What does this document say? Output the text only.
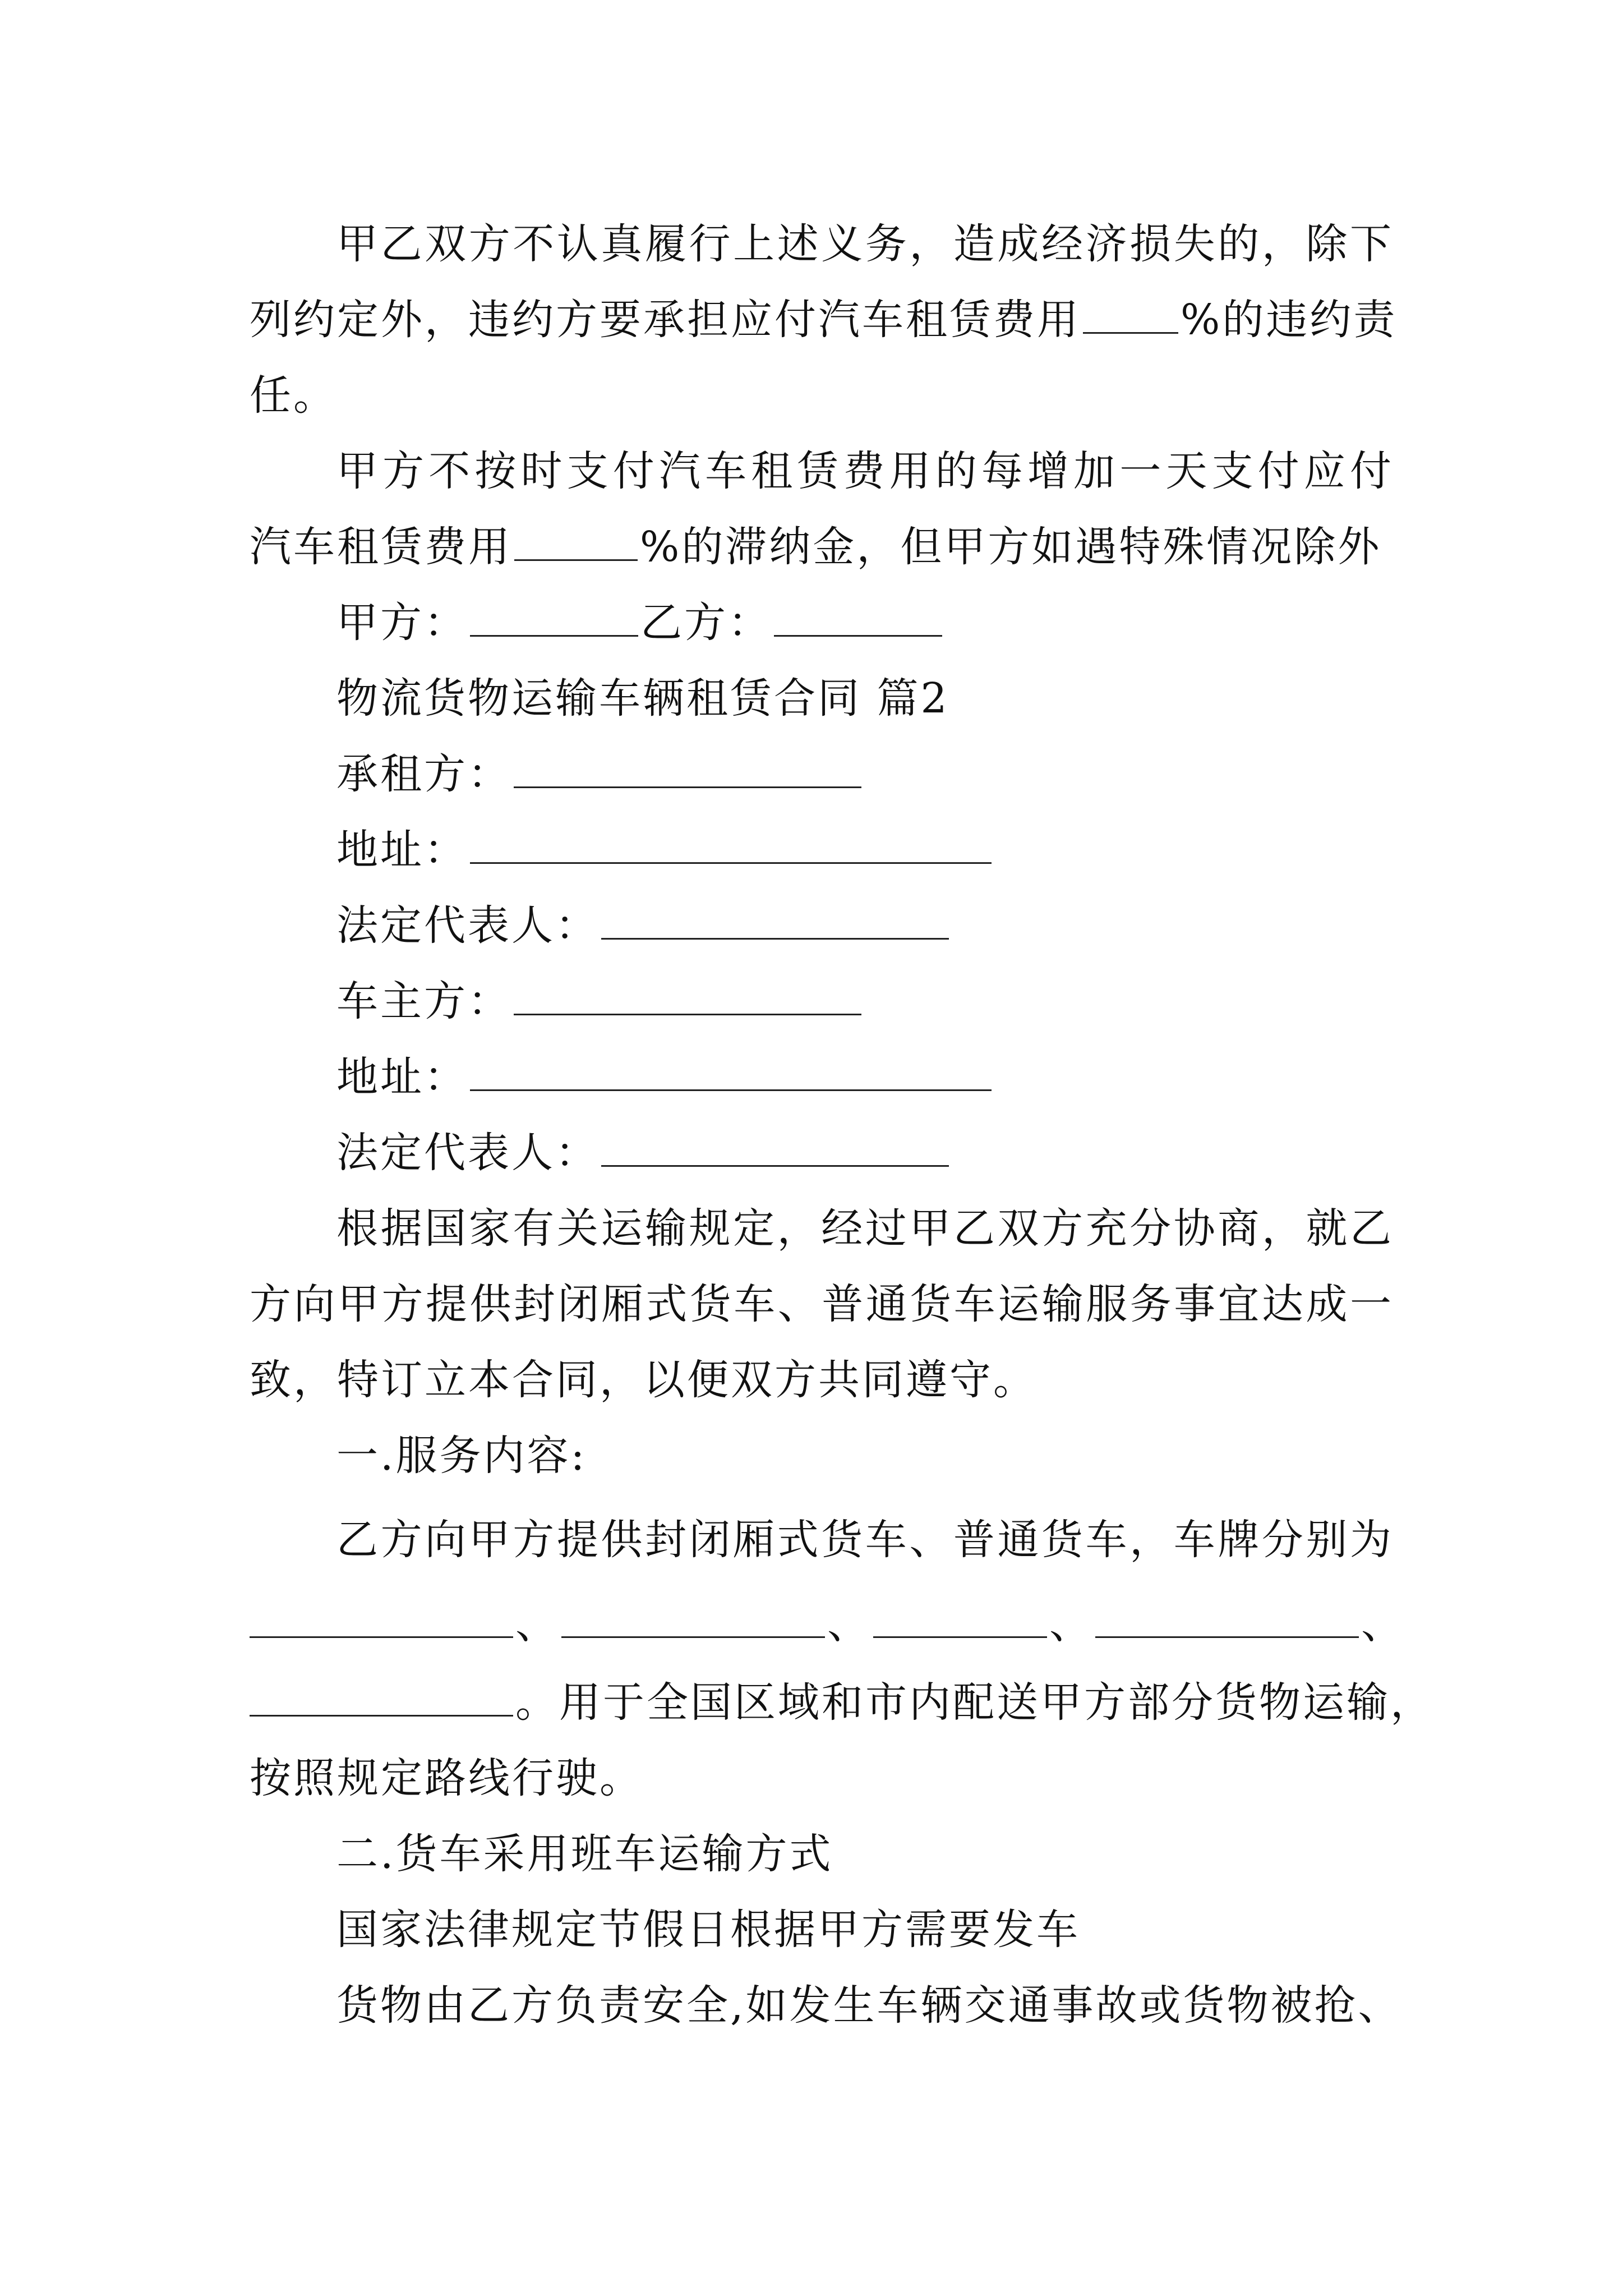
甲乙双方不认真履行上述义务，造成经济损失的，除下
列约定外，违约方要承担应付汽车租赁费用 %的违约责
任。
甲方不按时支付汽车租赁费用的每增加一天支付应付
汽车租赁费用	%的滞纳金，但甲方如遇特殊情况除外
甲方：	乙方：
物流货物运输车辆租赁合同 篇2
承租方：
地址：
法定代表人：
车主方：
地址：
法定代表人：
根据国家有关运输规定，经过甲乙双方充分协商，就乙
方向甲方提供封闭厢式货车、普通货车运输服务事宜达成一
致，特订立本合同，以便双方共同遵守。
一.服务内容:
乙方向甲方提供封闭厢式货车、普通货车，车牌分别为
、	、	、	、
。用于全国区域和市内配送甲方部分货物运输，
按照规定路线行驶。
二.货车采用班车运输方式
国家法律规定节假日根据甲方需要发车
货物由乙方负责安全,如发生车辆交通事故或货物被抢、
